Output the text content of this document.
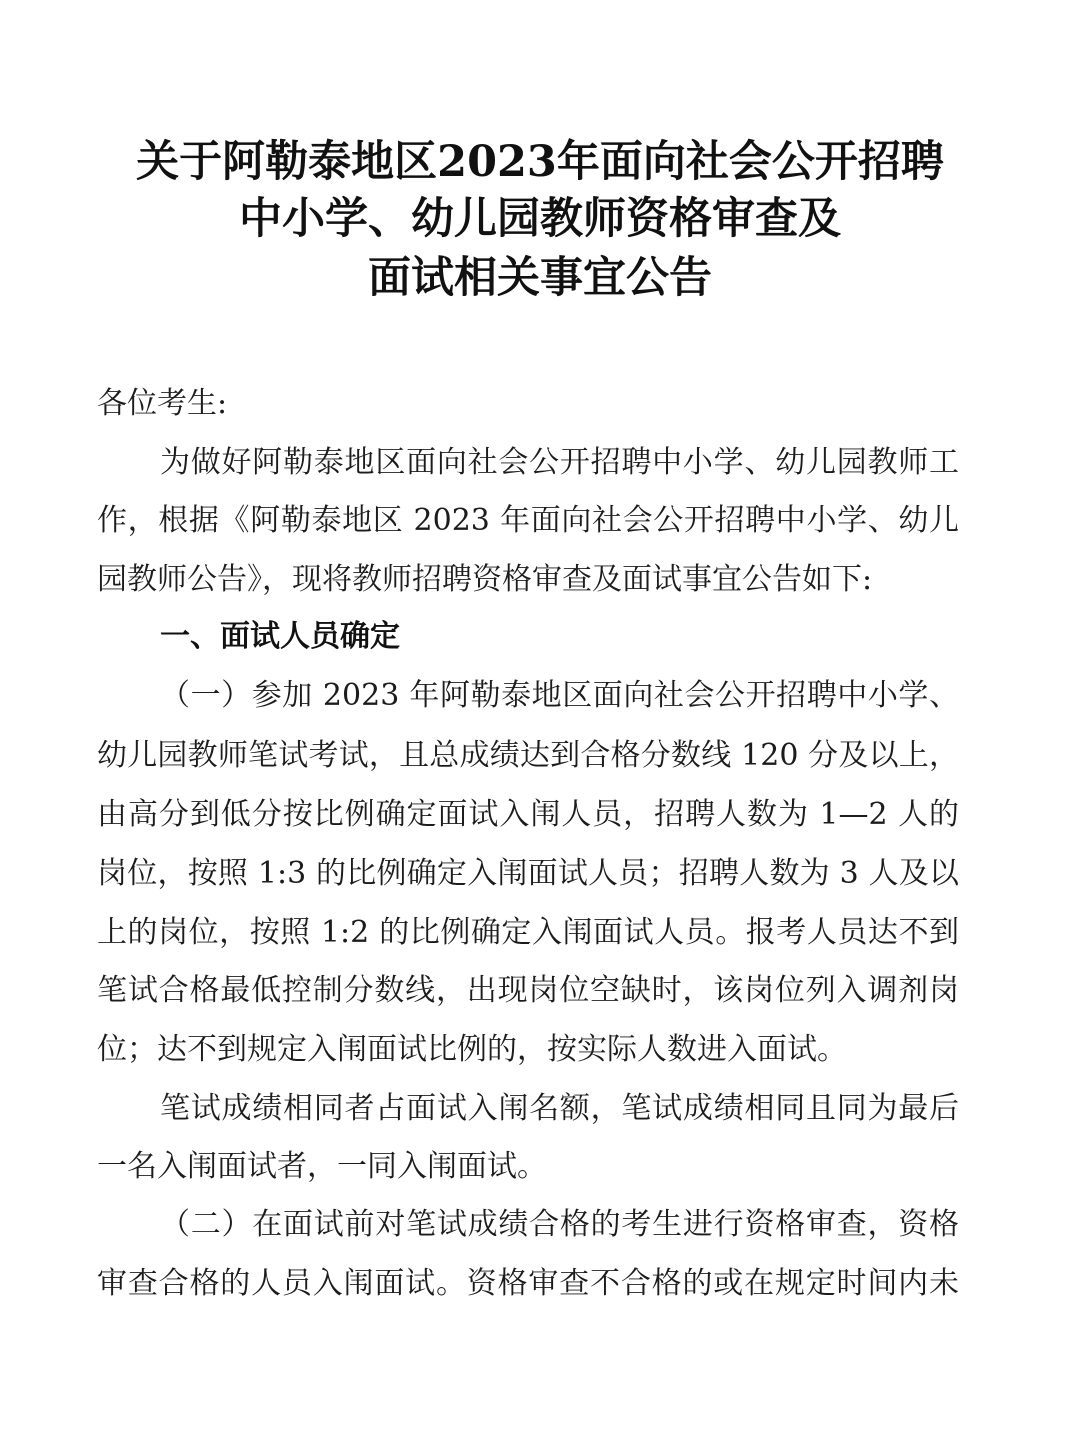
关于阿勒泰地区2023年面向社会公开招聘
中小学、幼儿园教师资格审查及
面试相关事宜公告
各位考生:
为做好阿勒泰地区面向社会公开招聘中小学、幼儿园教师工
作，根据《阿勒泰地区 2023 年面向社会公开招聘中小学、幼儿
园教师公告》，现将教师招聘资格审查及面试事宜公告如下:
一、面试人员确定
（一）参加 2023 年阿勒泰地区面向社会公开招聘中小学、
幼儿园教师笔试考试，且总成绩达到合格分数线 120 分及以上，
由高分到低分按比例确定面试入闱人员，招聘人数为 1—2 人的
岗位，按照 1:3 的比例确定入闱面试人员；招聘人数为 3 人及以
上的岗位，按照 1:2 的比例确定入闱面试人员。报考人员达不到
笔试合格最低控制分数线，出现岗位空缺时，该岗位列入调剂岗
位；达不到规定入闱面试比例的，按实际人数进入面试。
笔试成绩相同者占面试入闱名额，笔试成绩相同且同为最后
一名入闱面试者，一同入闱面试。
（二）在面试前对笔试成绩合格的考生进行资格审查，资格
审查合格的人员入闱面试。资格审查不合格的或在规定时间内未
